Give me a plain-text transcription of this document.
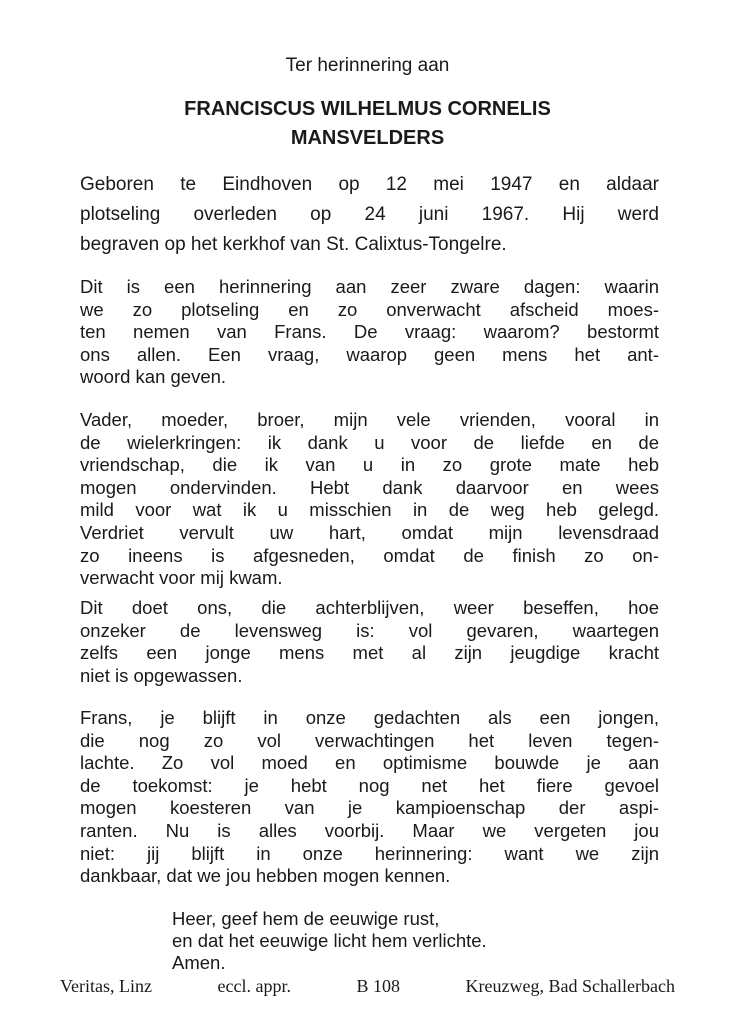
Ter herinnering aan
FRANCISCUS WILHELMUS CORNELIS
MANSVELDERS
Geboren te Eindhoven op 12 mei 1947 en aldaar
plotseling overleden op 24 juni 1967. Hij werd
begraven op het kerkhof van St. Calixtus-Tongelre.
Dit is een herinnering aan zeer zware dagen: waarin
we zo plotseling en zo onverwacht afscheid moes-
ten nemen van Frans. De vraag: waarom? bestormt
ons allen. Een vraag, waarop geen mens het ant-
woord kan geven.
Vader, moeder, broer, mijn vele vrienden, vooral in
de wielerkringen: ik dank u voor de liefde en de
vriendschap, die ik van u in zo grote mate heb
mogen ondervinden. Hebt dank daarvoor en wees
mild voor wat ik u misschien in de weg heb gelegd.
Verdriet vervult uw hart, omdat mijn levensdraad
zo ineens is afgesneden, omdat de finish zo on-
verwacht voor mij kwam.
Dit doet ons, die achterblijven, weer beseffen, hoe
onzeker de levensweg is: vol gevaren, waartegen
zelfs een jonge mens met al zijn jeugdige kracht
niet is opgewassen.
Frans, je blijft in onze gedachten als een jongen,
die nog zo vol verwachtingen het leven tegen-
lachte. Zo vol moed en optimisme bouwde je aan
de toekomst: je hebt nog net het fiere gevoel
mogen koesteren van je kampioenschap der aspi-
ranten. Nu is alles voorbij. Maar we vergeten jou
niet: jij blijft in onze herinnering: want we zijn
dankbaar, dat we jou hebben mogen kennen.
Heer, geef hem de eeuwige rust,
en dat het eeuwige licht hem verlichte.
Amen.
Veritas, Linz	eccl. appr.	B 108	Kreuzweg, Bad Schallerbach
